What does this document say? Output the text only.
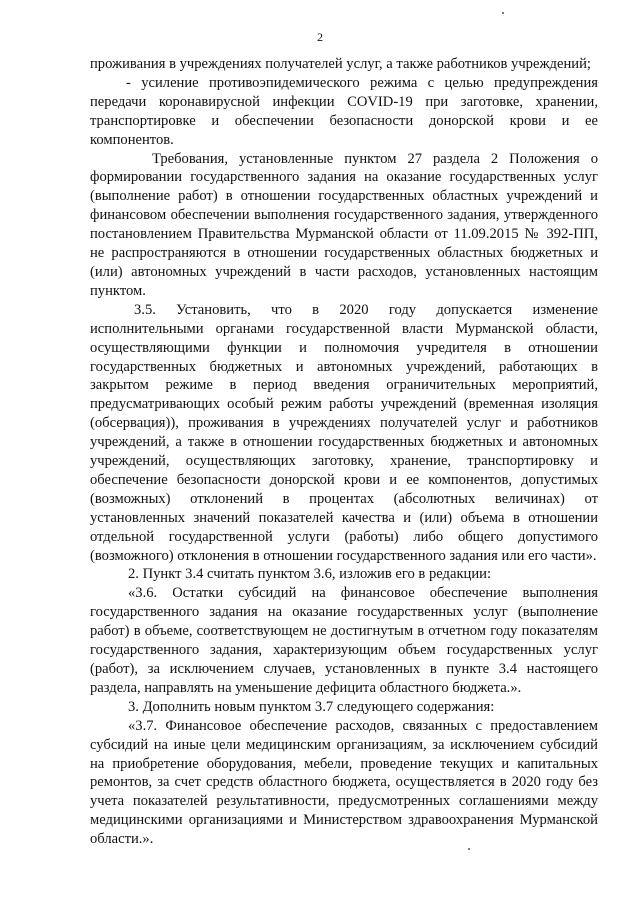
2

проживания в учреждениях получателей услуг, а также работников учреждений;

- усиление противоэпидемического режима с целью предупреждения передачи коронавирусной инфекции COVID-19 при заготовке, хранении, транспортировке и обеспечении безопасности донорской крови и ее компонентов.

Требования, установленные пунктом 27 раздела 2 Положения о формировании государственного задания на оказание государственных услуг (выполнение работ) в отношении государственных областных учреждений и финансовом обеспечении выполнения государственного задания, утвержденного постановлением Правительства Мурманской области от 11.09.2015 № 392-ПП, не распространяются в отношении государственных областных бюджетных и (или) автономных учреждений в части расходов, установленных настоящим пунктом.

3.5. Установить, что в 2020 году допускается изменение исполнительными органами государственной власти Мурманской области, осуществляющими функции и полномочия учредителя в отношении государственных бюджетных и автономных учреждений, работающих в закрытом режиме в период введения ограничительных мероприятий, предусматривающих особый режим работы учреждений (временная изоляция (обсервация)), проживания в учреждениях получателей услуг и работников учреждений, а также в отношении государственных бюджетных и автономных учреждений, осуществляющих заготовку, хранение, транспортировку и обеспечение безопасности донорской крови и ее компонентов, допустимых (возможных) отклонений в процентах (абсолютных величинах) от установленных значений показателей качества и (или) объема в отношении отдельной государственной услуги (работы) либо общего допустимого (возможного) отклонения в отношении государственного задания или его части».

2. Пункт 3.4 считать пунктом 3.6, изложив его в редакции:

«3.6. Остатки субсидий на финансовое обеспечение выполнения государственного задания на оказание государственных услуг (выполнение работ) в объеме, соответствующем не достигнутым в отчетном году показателям государственного задания, характеризующим объем государственных услуг (работ), за исключением случаев, установленных в пункте 3.4 настоящего раздела, направлять на уменьшение дефицита областного бюджета.».

3. Дополнить новым пунктом 3.7 следующего содержания:

«3.7. Финансовое обеспечение расходов, связанных с предоставлением субсидий на иные цели медицинским организациям, за исключением субсидий на приобретение оборудования, мебели, проведение текущих и капитальных ремонтов, за счет средств областного бюджета, осуществляется в 2020 году без учета показателей результативности, предусмотренных соглашениями между медицинскими организациями и Министерством здравоохранения Мурманской области.».
